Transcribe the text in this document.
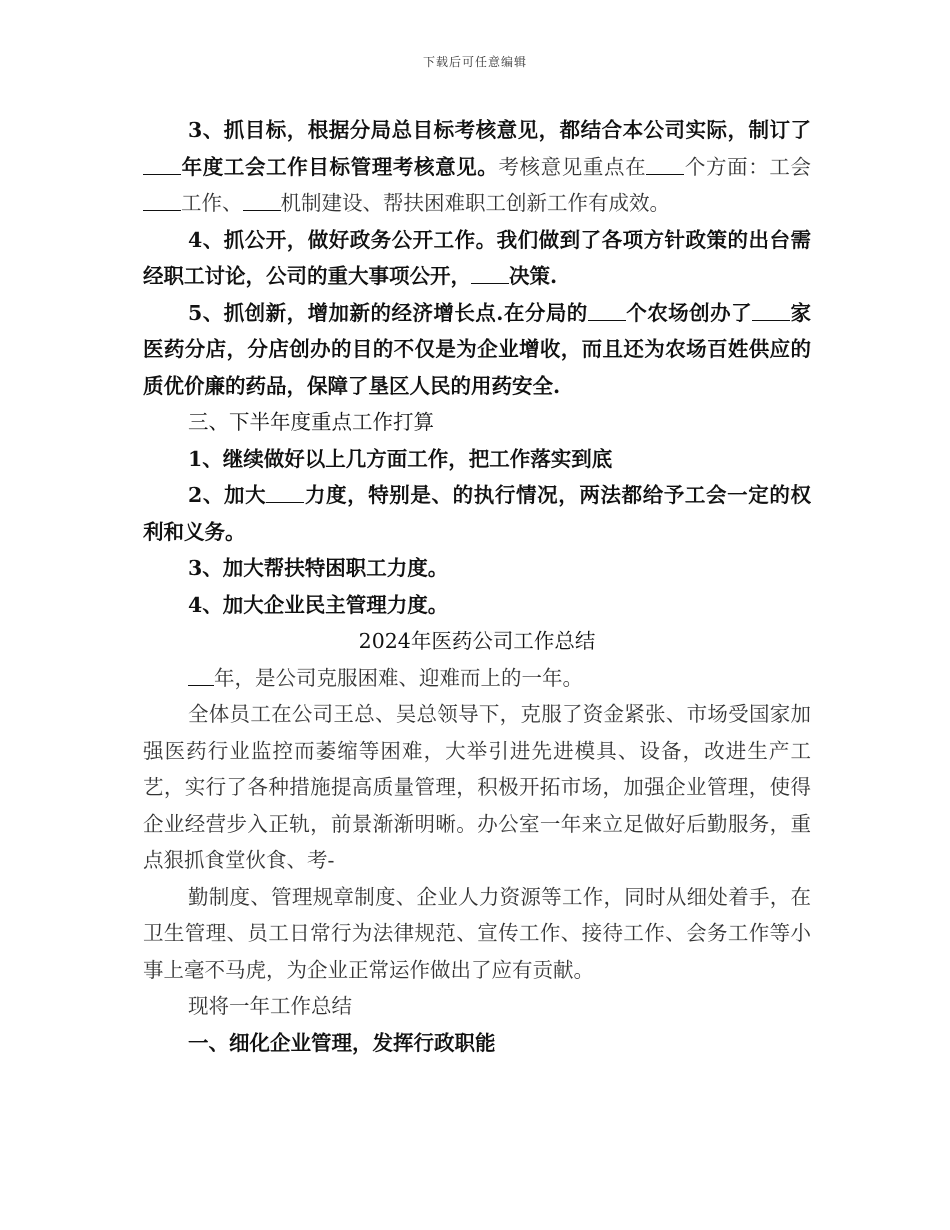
下载后可任意编辑

3、抓目标，根据分局总目标考核意见，都结合本公司实际，制订了年度工会工作目标管理考核意见。考核意见重点在 个方面：工会工作、 机制建设、帮扶困难职工创新工作有成效。

4、抓公开，做好政务公开工作。我们做到了各项方针政策的出台需经职工讨论，公司的重大事项公开， 决策.

5、抓创新，增加新的经济增长点.在分局的 个农场创办了 家医药分店，分店创办的目的不仅是为企业增收，而且还为农场百姓供应的质优价廉的药品，保障了垦区人民的用药安全.

三、下半年度重点工作打算

1、继续做好以上几方面工作，把工作落实到底

2、加大 力度，特别是、的执行情况，两法都给予工会一定的权利和义务。

3、加大帮扶特困职工力度。

4、加大企业民主管理力度。

2024年医药公司工作总结

年，是公司克服困难、迎难而上的一年。

全体员工在公司王总、吴总领导下，克服了资金紧张、市场受国家加强医药行业监控而萎缩等困难，大举引进先进模具、设备，改进生产工艺，实行了各种措施提高质量管理，积极开拓市场，加强企业管理，使得企业经营步入正轨，前景渐渐明晰。办公室一年来立足做好后勤服务，重点狠抓食堂伙食、考-

勤制度、管理规章制度、企业人力资源等工作，同时从细处着手，在卫生管理、员工日常行为法律规范、宣传工作、接待工作、会务工作等小事上毫不马虎，为企业正常运作做出了应有贡献。

现将一年工作总结

一、细化企业管理，发挥行政职能
